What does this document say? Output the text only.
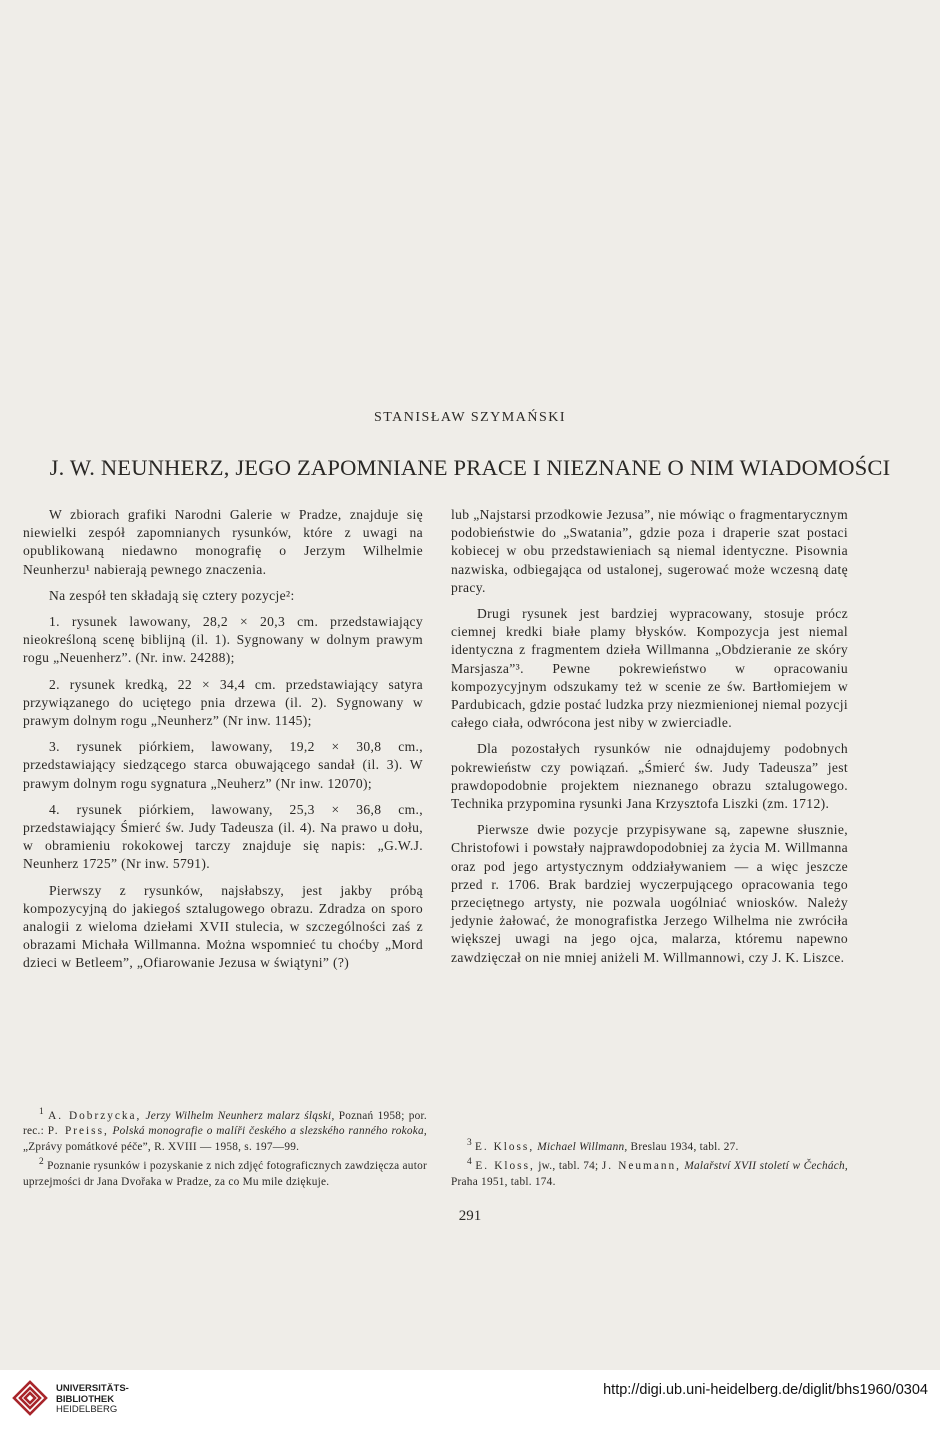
STANISŁAW SZYMAŃSKI
J. W. NEUNHERZ, JEGO ZAPOMNIANE PRACE I NIEZNANE O NIM WIADOMOŚCI

W zbiorach grafiki Narodni Galerie w Pradze, znajduje się niewielki zespół zapomnianych rysunków, które z uwagi na opublikowaną niedawno monografię o Jerzym Wilhelmie Neunherzu¹ nabierają pewnego znaczenia.

Na zespół ten składają się cztery pozycje²:

1. rysunek lawowany, 28,2 × 20,3 cm. przedstawiający nieokreśloną scenę biblijną (il. 1). Sygnowany w dolnym prawym rogu „Neuenherz”. (Nr. inw. 24288);

2. rysunek kredką, 22 × 34,4 cm. przedstawiający satyra przywiązanego do uciętego pnia drzewa (il. 2). Sygnowany w prawym dolnym rogu „Neunherz” (Nr inw. 1145);

3. rysunek piórkiem, lawowany, 19,2 × 30,8 cm., przedstawiający siedzącego starca obuwającego sandał (il. 3). W prawym dolnym rogu sygnatura „Neuherz” (Nr inw. 12070);

4. rysunek piórkiem, lawowany, 25,3 × 36,8 cm., przedstawiający Śmierć św. Judy Tadeusza (il. 4). Na prawo u dołu, w obramieniu rokokowej tarczy znajduje się napis: „G.W.J. Neunherz 1725” (Nr inw. 5791).

Pierwszy z rysunków, najsłabszy, jest jakby próbą kompozycyjną do jakiegoś sztalugowego obrazu. Zdradza on sporo analogii z wieloma dziełami XVII stulecia, w szczególności zaś z obrazami Michała Willmanna. Można wspomnieć tu choćby „Mord dzieci w Betleem”, „Ofiarowanie Jezusa w świątyni” (?)

lub „Najstarsi przodkowie Jezusa”, nie mówiąc o fragmentarycznym podobieństwie do „Swatania”, gdzie poza i draperie szat postaci kobiecej w obu przedstawieniach są niemal identyczne. Pisownia nazwiska, odbiegająca od ustalonej, sugerować może wczesną datę pracy.

Drugi rysunek jest bardziej wypracowany, stosuje prócz ciemnej kredki białe plamy błysków. Kompozycja jest niemal identyczna z fragmentem dzieła Willmanna „Obdzieranie ze skóry Marsjasza”³. Pewne pokrewieństwo w opracowaniu kompozycyjnym odszukamy też w scenie ze św. Bartłomiejem w Pardubicach, gdzie postać ludzka przy niezmienionej niemal pozycji całego ciała, odwrócona jest niby w zwierciadle.

Dla pozostałych rysunków nie odnajdujemy podobnych pokrewieństw czy powiązań. „Śmierć św. Judy Tadeusza” jest prawdopodobnie projektem nieznanego obrazu sztalugowego. Technika przypomina rysunki Jana Krzysztofa Liszki (zm. 1712).

Pierwsze dwie pozycje przypisywane są, zapewne słusznie, Christofowi i powstały najprawdopodobniej za życia M. Willmanna oraz pod jego artystycznym oddziaływaniem — a więc jeszcze przed r. 1706. Brak bardziej wyczerpującego opracowania tego przeciętnego artysty, nie pozwala uogólniać wniosków. Należy jedynie żałować, że monografistka Jerzego Wilhelma nie zwróciła większej uwagi na jego ojca, malarza, któremu napewno zawdzięczał on nie mniej aniżeli M. Willmannowi, czy J. K. Liszce.

$^1$ A. Dobrzycka, Jerzy Wilhelm Neunherz malarz śląski, Poznań 1958; por. rec.: P. Preiss, Polská monografie o malíři českého a slezského ranného rokoka, „Zprávy pomátkové péče”, R. XVIII — 1958, s. 197—99.

$^2$ Poznanie rysunków i pozyskanie z nich zdjęć fotograficznych zawdzięcza autor uprzejmości dr Jana Dvořaka w Pradze, za co Mu mile dziękuje.

$^3$ E. Kloss, Michael Willmann, Breslau 1934, tabl. 27.

$^4$ E. Kloss, jw., tabl. 74; J. Neumann, Malařství XVII století w Čechách, Praha 1951, tabl. 174.

291
UNIVERSITÄTS-
BIBLIOTHEK
HEIDELBERG
http://digi.ub.uni-heidelberg.de/diglit/bhs1960/0304
